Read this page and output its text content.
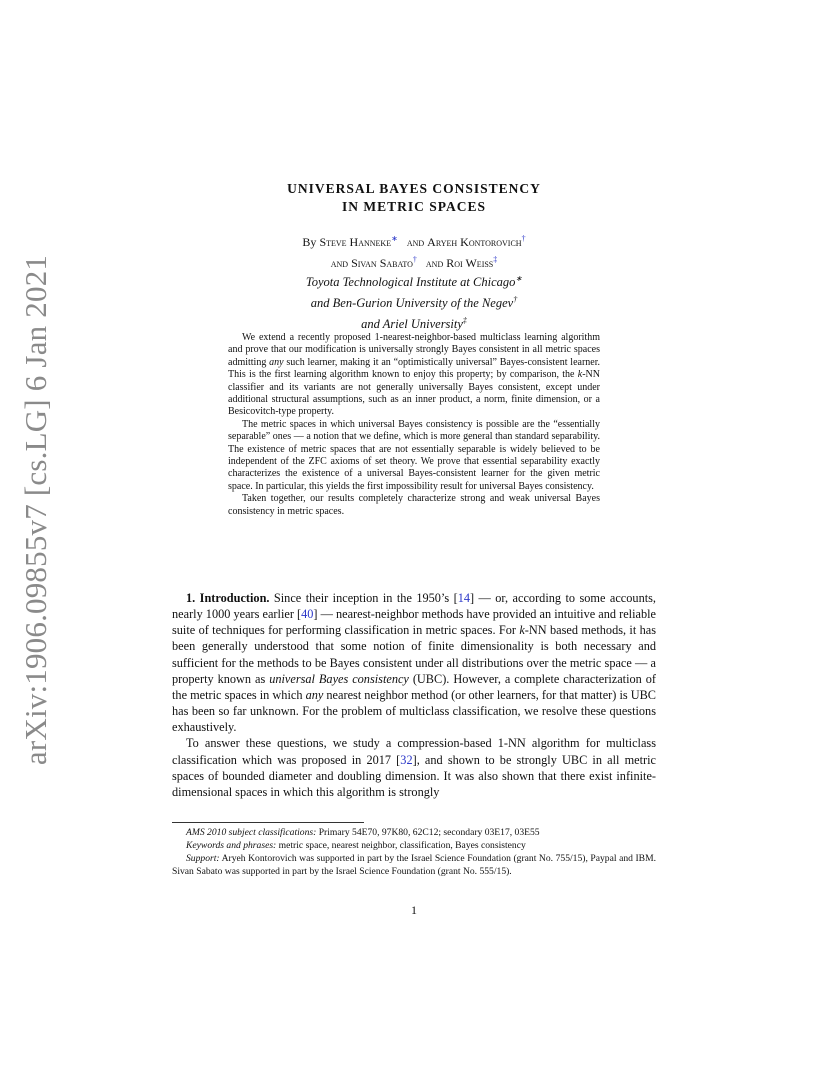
arXiv:1906.09855v7 [cs.LG] 6 Jan 2021
UNIVERSAL BAYES CONSISTENCY
IN METRIC SPACES
By Steve Hanneke∗ and Aryeh Kontorovich†
and Sivan Sabato† and Roi Weiss‡
Toyota Technological Institute at Chicago∗
and Ben-Gurion University of the Negev†
and Ariel University‡

We extend a recently proposed 1-nearest-neighbor-based multiclass learning algorithm and prove that our modification is universally strongly Bayes consistent in all metric spaces admitting any such learner, making it an “optimistically universal” Bayes-consistent learner. This is the first learning algorithm known to enjoy this property; by comparison, the k-NN classifier and its variants are not generally universally Bayes consistent, except under additional structural assumptions, such as an inner product, a norm, finite dimension, or a Besicovitch-type property.

The metric spaces in which universal Bayes consistency is possible are the “essentially separable” ones — a notion that we define, which is more general than standard separability. The existence of metric spaces that are not essentially separable is widely believed to be independent of the ZFC axioms of set theory. We prove that essential separability exactly characterizes the existence of a universal Bayes-consistent learner for the given metric space. In particular, this yields the first impossibility result for universal Bayes consistency.

Taken together, our results completely characterize strong and weak universal Bayes consistency in metric spaces.

1. Introduction. Since their inception in the 1950’s [14] — or, according to some accounts, nearly 1000 years earlier [40] — nearest-neighbor methods have provided an intuitive and reliable suite of techniques for performing classification in metric spaces. For k-NN based methods, it has been generally understood that some notion of finite dimensionality is both necessary and sufficient for the methods to be Bayes consistent under all distributions over the metric space — a property known as universal Bayes consistency (UBC). However, a complete characterization of the metric spaces in which any nearest neighbor method (or other learners, for that matter) is UBC has been so far unknown. For the problem of multiclass classification, we resolve these questions exhaustively.

To answer these questions, we study a compression-based 1-NN algorithm for multiclass classification which was proposed in 2017 [32], and shown to be strongly UBC in all metric spaces of bounded diameter and doubling dimension. It was also shown that there exist infinite-dimensional spaces in which this algorithm is strongly

AMS 2010 subject classifications: Primary 54E70, 97K80, 62C12; secondary 03E17, 03E55

Keywords and phrases: metric space, nearest neighbor, classification, Bayes consistency

Support: Aryeh Kontorovich was supported in part by the Israel Science Foundation (grant No. 755/15), Paypal and IBM. Sivan Sabato was supported in part by the Israel Science Foundation (grant No. 555/15).

1
